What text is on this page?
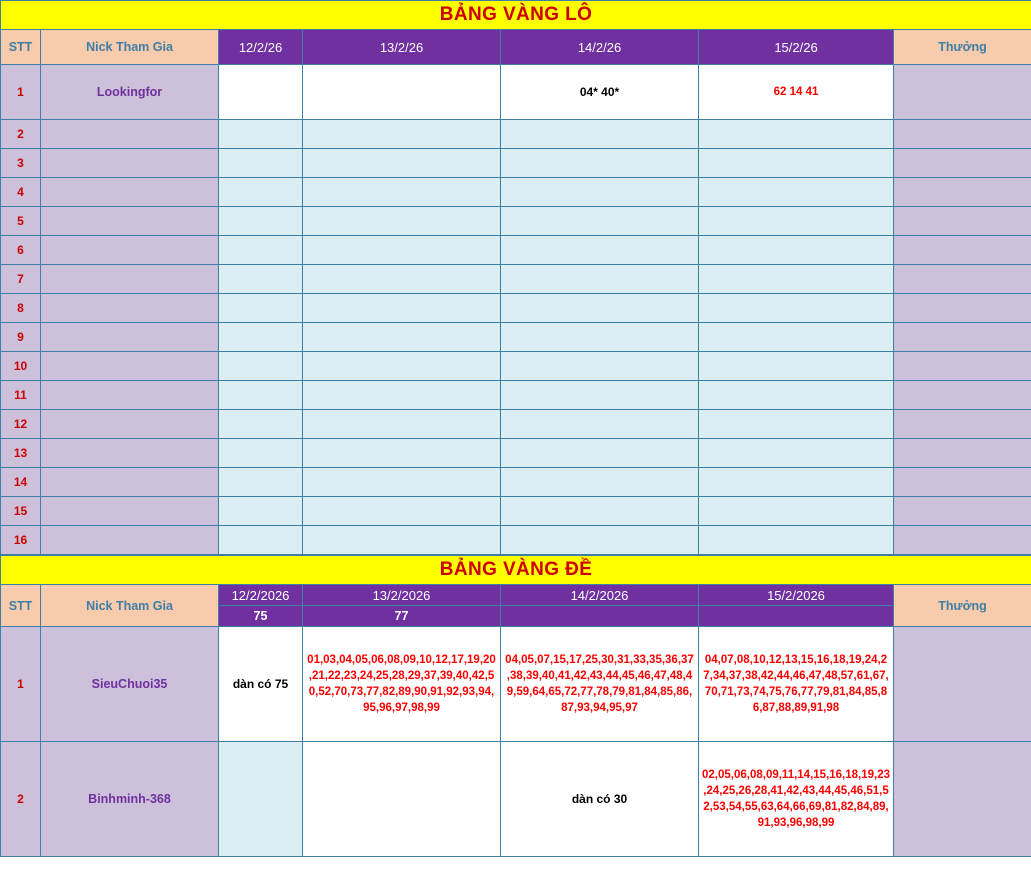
BẢNG VÀNG LÔ						
STT	Nick Tham Gia	12/2/26	13/2/26	14/2/26	15/2/26	Thưởng
1	Lookingfor			04* 40*	62 14 41	

2						
3						
4						
5						
6						
7						
8						
9						
10						
11						
12						
13						
14						
15						
16						
BẢNG VÀNG ĐỀ						
STT	Nick Tham Gia	12/2/2026	13/2/2026	14/2/2026	15/2/2026	Thưởng
		75	77			
1	SieuChuoi35	dàn có 75	01,03,04,05,06,08,09,10,12,17,19,20,21,22,23,24,25,28,29,37,39,40,42,50,52,70,73,77,82,89,90,91,92,93,94,95,96,97,98,99	04,05,07,15,17,25,30,31,33,35,36,37,38,39,40,41,42,43,44,45,46,47,48,49,59,64,65,72,77,78,79,81,84,85,86,87,93,94,95,97	04,07,08,10,12,13,15,16,18,19,24,27,34,37,38,42,44,46,47,48,57,61,67,70,71,73,74,75,76,77,79,81,84,85,86,87,88,89,91,98	

2	Binhminh-368			dàn có 30	02,05,06,08,09,11,14,15,16,18,19,23,24,25,26,28,41,42,43,44,45,46,51,52,53,54,55,63,64,66,69,81,82,84,89,91,93,96,98,99	
